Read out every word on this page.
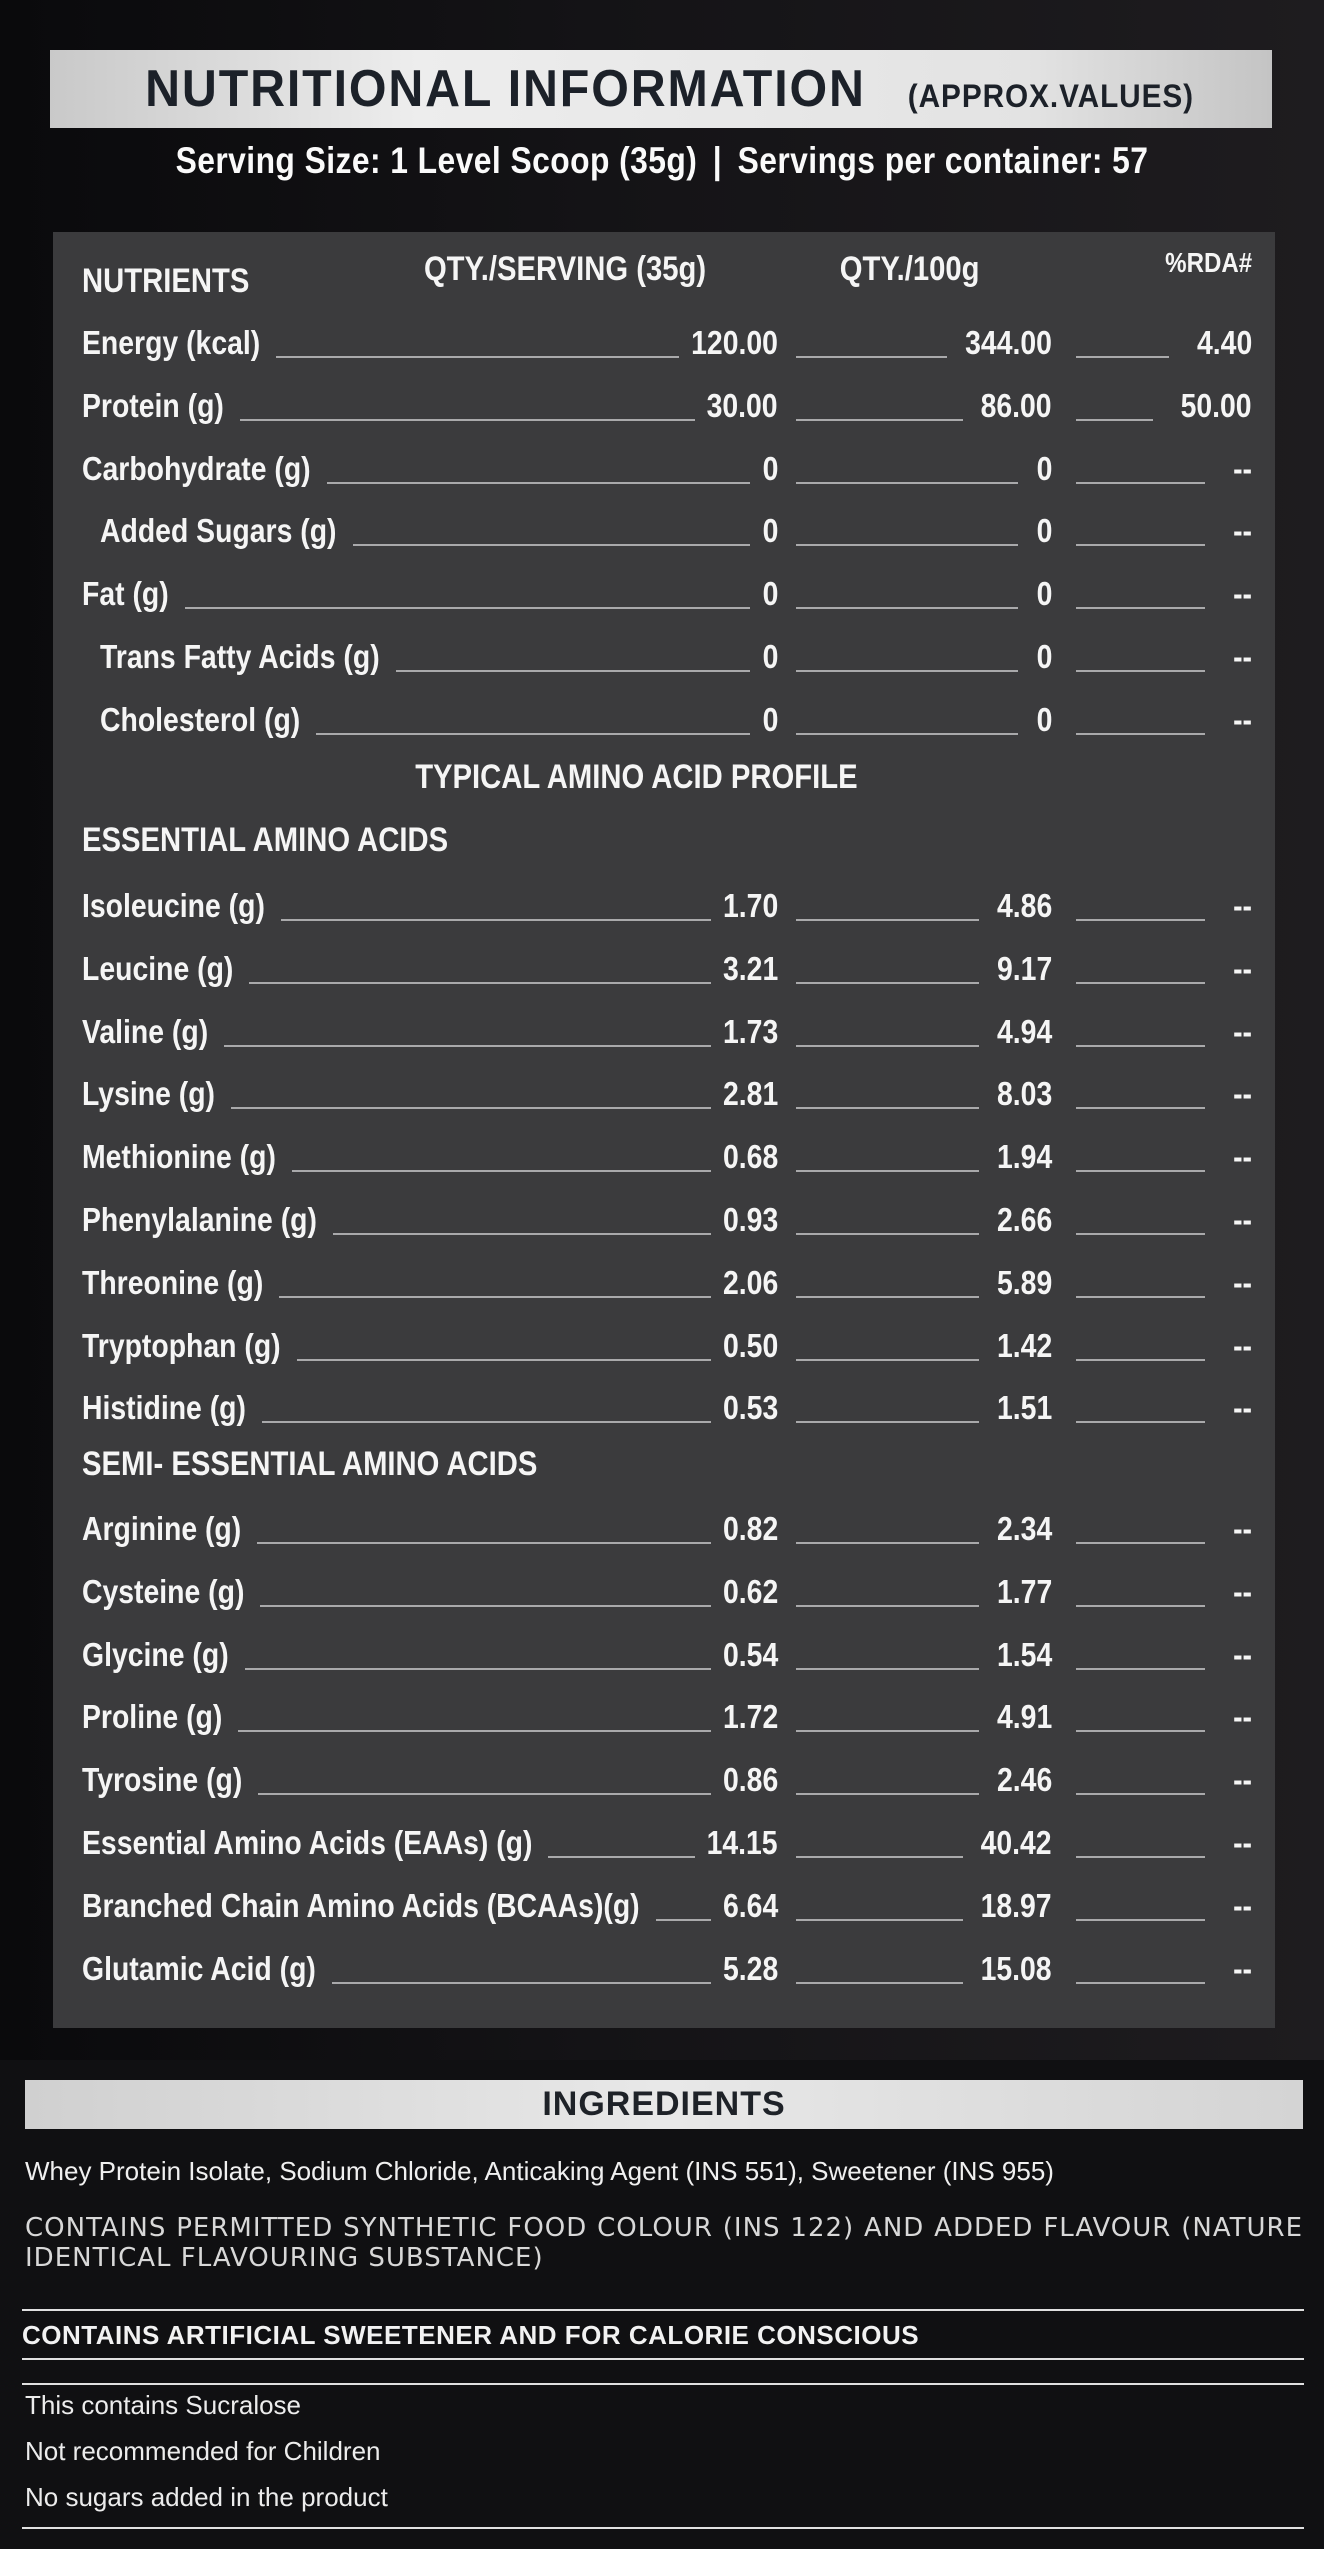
NUTRITIONAL INFORMATION (APPROX.VALUES)
Serving Size: 1 Level Scoop (35g) | Servings per container: 57
NUTRIENTS	QTY./SERVING (35g)	QTY./100g	%RDA#
Energy (kcal)	120.00	344.00	4.40
Protein (g)	30.00	86.00	50.00
Carbohydrate (g)	0	0	--
Added Sugars (g)	0	0	--
Fat (g)	0	0	--
Trans Fatty Acids (g)	0	0	--
Cholesterol (g)	0	0	--
TYPICAL AMINO ACID PROFILE
ESSENTIAL AMINO ACIDS
Isoleucine (g)	1.70	4.86	--
Leucine (g)	3.21	9.17	--
Valine (g)	1.73	4.94	--
Lysine (g)	2.81	8.03	--
Methionine (g)	0.68	1.94	--
Phenylalanine (g)	0.93	2.66	--
Threonine (g)	2.06	5.89	--
Tryptophan (g)	0.50	1.42	--
Histidine (g)	0.53	1.51	--
SEMI- ESSENTIAL AMINO ACIDS
Arginine (g)	0.82	2.34	--
Cysteine (g)	0.62	1.77	--
Glycine (g)	0.54	1.54	--
Proline (g)	1.72	4.91	--
Tyrosine (g)	0.86	2.46	--
Essential Amino Acids (EAAs) (g)	14.15	40.42	--
Branched Chain Amino Acids (BCAAs)(g)	6.64	18.97	--
Glutamic Acid (g)	5.28	15.08	--
INGREDIENTS
Whey Protein Isolate, Sodium Chloride, Anticaking Agent (INS 551), Sweetener (INS 955)
CONTAINS PERMITTED SYNTHETIC FOOD COLOUR (INS 122) AND ADDED FLAVOUR (NATURE IDENTICAL FLAVOURING SUBSTANCE)
CONTAINS ARTIFICIAL SWEETENER AND FOR CALORIE CONSCIOUS
This contains Sucralose
Not recommended for Children
No sugars added in the product
